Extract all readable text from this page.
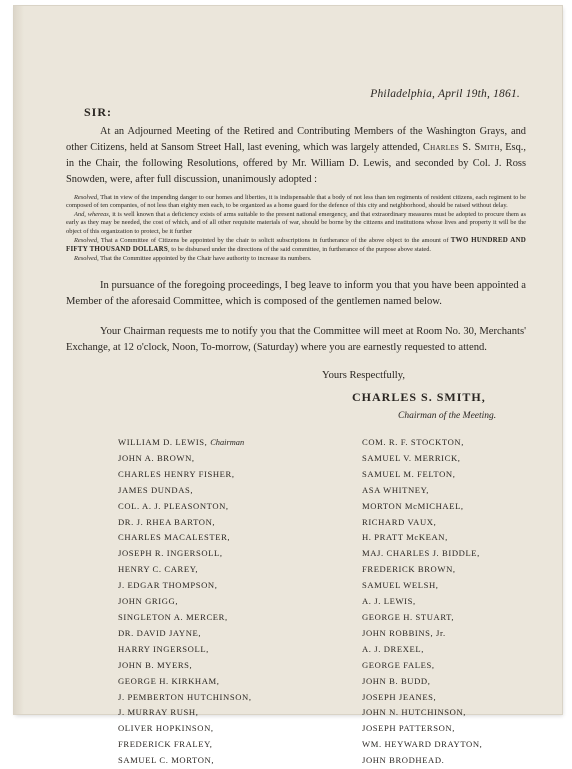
Philadelphia, April 19th, 1861.
SIR:

At an Adjourned Meeting of the Retired and Contributing Members of the Washington Grays, and other Citizens, held at Sansom Street Hall, last evening, which was largely attended, Charles S. Smith, Esq., in the Chair, the following Resolutions, offered by Mr. William D. Lewis, and seconded by Col. J. Ross Snowden, were, after full discussion, unanimously adopted :

Resolved, That in view of the impending danger to our homes and liberties, it is indispensable that a body of not less than ten regiments of resident citizens, each regiment to be composed of ten companies, of not less than eighty men each, to be organized as a home guard for the defence of this city and neighborhood, should be raised without delay.

And, whereas, it is well known that a deficiency exists of arms suitable to the present national emergency, and that extraordinary measures must be adopted to procure them as early as they may be needed, the cost of which, and of all other requisite materials of war, should be borne by the citizens and institutions whose lives and property it will be the object of this organization to protect, be it further

Resolved, That a Committee of Citizens be appointed by the chair to solicit subscriptions in furtherance of the above object to the amount of TWO HUNDRED AND FIFTY THOUSAND DOLLARS, to be disbursed under the directions of the said committee, in furtherance of the purpose above stated.

Resolved, That the Committee appointed by the Chair have authority to increase its numbers.

In pursuance of the foregoing proceedings, I beg leave to inform you that you have been appointed a Member of the aforesaid Committee, which is composed of the gentlemen named below.

Your Chairman requests me to notify you that the Committee will meet at Room No. 30, Merchants' Exchange, at 12 o'clock, Noon, To-morrow, (Saturday) where you are earnestly requested to attend.

Yours Respectfully,
CHARLES S. SMITH,
Chairman of the Meeting.
WILLIAM D. LEWIS, Chairman
JOHN A. BROWN,
CHARLES HENRY FISHER,
JAMES DUNDAS,
COL. A. J. PLEASONTON,
DR. J. RHEA BARTON,
CHARLES MACALESTER,
JOSEPH R. INGERSOLL,
HENRY C. CAREY,
J. EDGAR THOMPSON,
JOHN GRIGG,
SINGLETON A. MERCER,
DR. DAVID JAYNE,
HARRY INGERSOLL,
JOHN B. MYERS,
GEORGE H. KIRKHAM,
J. PEMBERTON HUTCHINSON,
J. MURRAY RUSH,
OLIVER HOPKINSON,
FREDERICK FRALEY,
SAMUEL C. MORTON,
COM. R. F. STOCKTON,
SAMUEL V. MERRICK,
SAMUEL M. FELTON,
ASA WHITNEY,
MORTON McMICHAEL,
RICHARD VAUX,
H. PRATT McKEAN,
MAJ. CHARLES J. BIDDLE,
FREDERICK BROWN,
SAMUEL WELSH,
A. J. LEWIS,
GEORGE H. STUART,
JOHN ROBBINS, Jr.
A. J. DREXEL,
GEORGE FALES,
JOHN B. BUDD,
JOSEPH JEANES,
JOHN N. HUTCHINSON,
JOSEPH PATTERSON,
WM. HEYWARD DRAYTON,
JOHN BRODHEAD.
